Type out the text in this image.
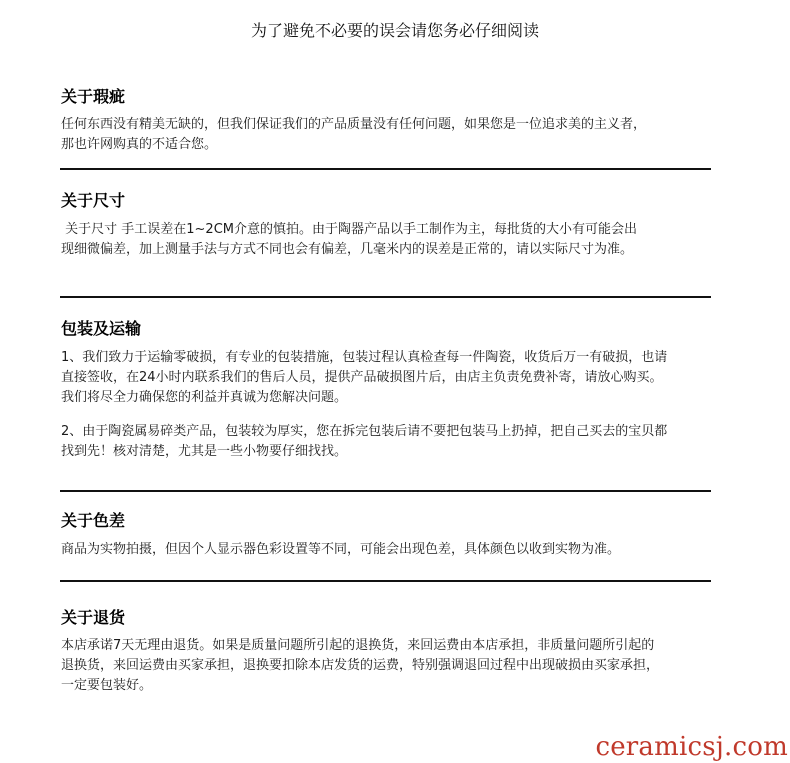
为了避免不必要的误会请您务必仔细阅读
关于瑕疵

任何东西没有精美无缺的，但我们保证我们的产品质量没有任何问题，如果您是一位追求美的主义者，

那也许网购真的不适合您。

关于尺寸

关于尺寸 手工误差在1~2CM介意的慎拍。由于陶器产品以手工制作为主，每批货的大小有可能会出

现细微偏差，加上测量手法与方式不同也会有偏差，几毫米内的误差是正常的，请以实际尺寸为准。

包装及运输

1、我们致力于运输零破损，有专业的包装措施，包装过程认真检查每一件陶瓷，收货后万一有破损，也请

直接签收，在24小时内联系我们的售后人员，提供产品破损图片后，由店主负责免费补寄，请放心购买。

我们将尽全力确保您的利益并真诚为您解决问题。

2、由于陶瓷属易碎类产品，包装较为厚实，您在拆完包装后请不要把包装马上扔掉，把自己买去的宝贝都

找到先！核对清楚，尤其是一些小物要仔细找找。

关于色差

商品为实物拍摄，但因个人显示器色彩设置等不同，可能会出现色差，具体颜色以收到实物为准。

关于退货

本店承诺7天无理由退货。如果是质量问题所引起的退换货，来回运费由本店承担，非质量问题所引起的

退换货，来回运费由买家承担，退换要扣除本店发货的运费，特别强调退回过程中出现破损由买家承担，

一定要包装好。

ceramicsj.com
